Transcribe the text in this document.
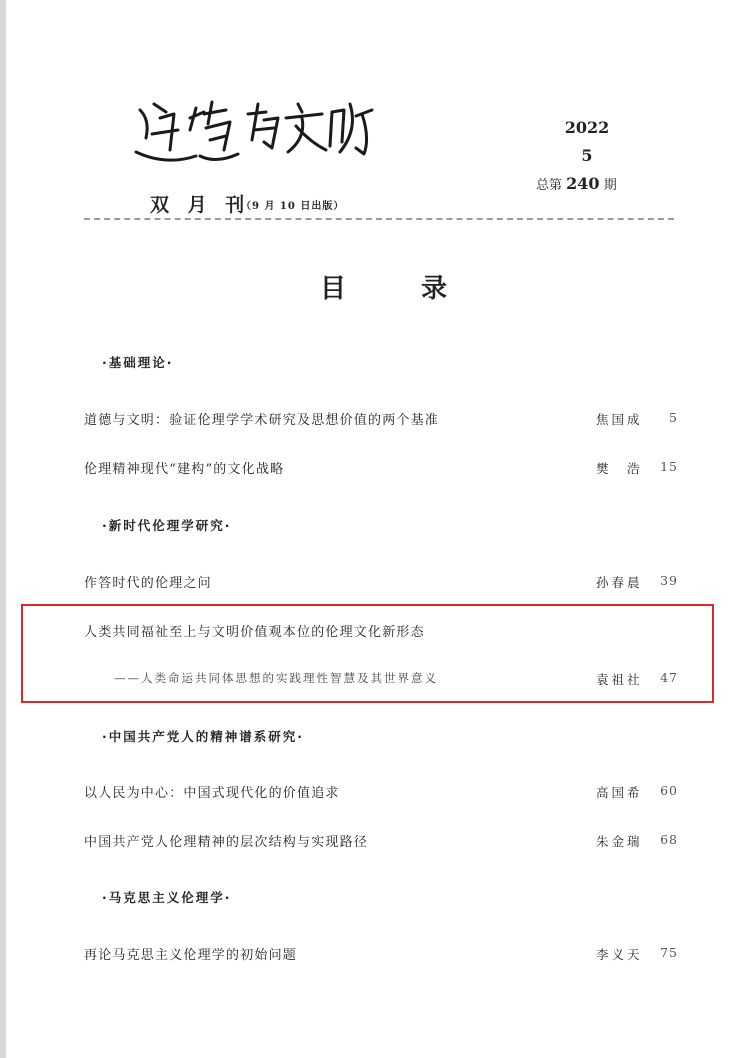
双 月 刊
（9 月 10 日出版）
2022
5
总第 240 期
目	录
·基础理论·
道德与文明：验证伦理学学术研究及思想价值的两个基准	焦国成	5
伦理精神现代“建构”的文化战略	樊　浩	15
·新时代伦理学研究·
作答时代的伦理之问	孙春晨	39
人类共同福祉至上与文明价值观本位的伦理文化新形态
——人类命运共同体思想的实践理性智慧及其世界意义	袁祖社	47
·中国共产党人的精神谱系研究·
以人民为中心：中国式现代化的价值追求	高国希	60
中国共产党人伦理精神的层次结构与实现路径	朱金瑞	68
·马克思主义伦理学·
再论马克思主义伦理学的初始问题	李义天	75
